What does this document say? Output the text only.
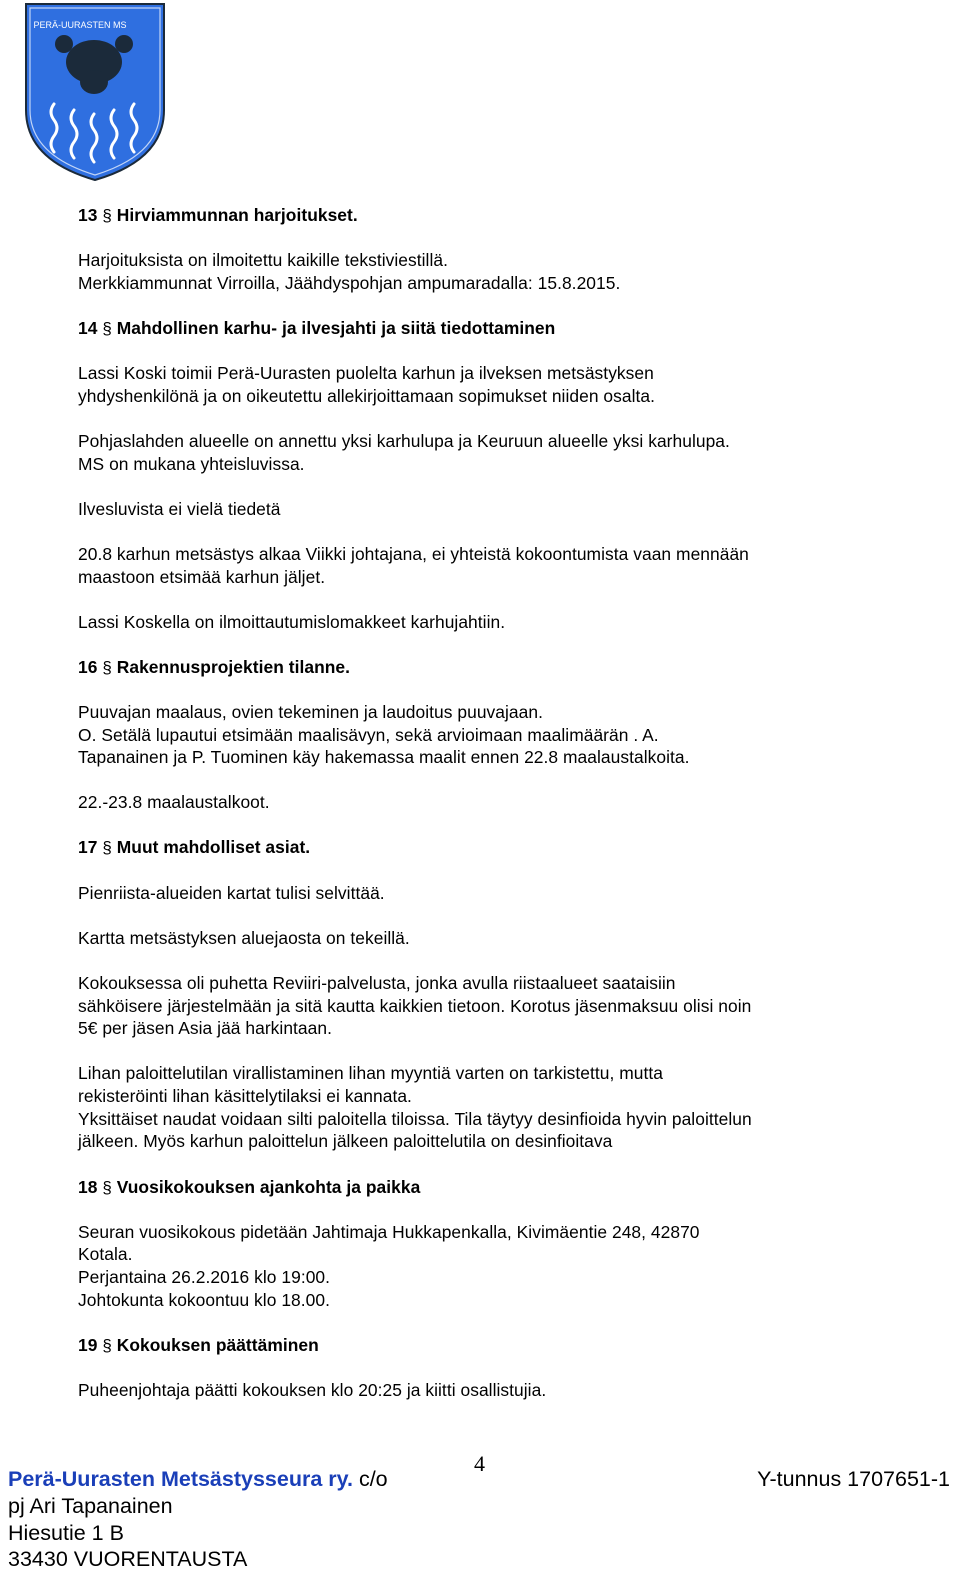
PERÄ-UURASTEN MS
13 § Hirviammunnan harjoitukset.
Harjoituksista on ilmoitettu kaikille tekstiviestillä.
Merkkiammunnat Virroilla, Jäähdyspohjan ampumaradalla: 15.8.2015.
14 § Mahdollinen karhu- ja ilvesjahti ja siitä tiedottaminen
Lassi Koski toimii Perä-Uurasten puolelta karhun ja ilveksen metsästyksen
yhdyshenkilönä ja on oikeutettu allekirjoittamaan sopimukset niiden osalta.
Pohjaslahden alueelle on annettu yksi karhulupa ja Keuruun alueelle yksi karhulupa.
MS on mukana yhteisluvissa.
Ilvesluvista ei vielä tiedetä
20.8 karhun metsästys alkaa Viikki johtajana, ei yhteistä kokoontumista vaan mennään
maastoon etsimää karhun jäljet.
Lassi Koskella on ilmoittautumislomakkeet karhujahtiin.
16 § Rakennusprojektien tilanne.
Puuvajan maalaus, ovien tekeminen ja laudoitus puuvajaan.
O. Setälä lupautui etsimään maalisävyn, sekä arvioimaan maalimäärän . A.
Tapanainen ja P. Tuominen käy hakemassa maalit ennen 22.8 maalaustalkoita.
22.-23.8 maalaustalkoot.
17 § Muut mahdolliset asiat.
Pienriista-alueiden kartat tulisi selvittää.
Kartta metsästyksen aluejaosta on tekeillä.
Kokouksessa oli puhetta Reviiri-palvelusta, jonka avulla riistaalueet saataisiin
sähköisere järjestelmään ja sitä kautta kaikkien tietoon. Korotus jäsenmaksuu olisi noin
5€ per jäsen Asia jää harkintaan.
Lihan paloittelutilan virallistaminen lihan myyntiä varten on tarkistettu, mutta
rekisteröinti lihan käsittelytilaksi ei kannata.
Yksittäiset naudat voidaan silti paloitella tiloissa. Tila täytyy desinfioida hyvin paloittelun
jälkeen. Myös karhun paloittelun jälkeen paloittelutila on desinfioitava
18 § Vuosikokouksen ajankohta ja paikka
Seuran vuosikokous pidetään Jahtimaja Hukkapenkalla, Kivimäentie 248, 42870
Kotala.
Perjantaina 26.2.2016 klo 19:00.
Johtokunta kokoontuu klo 18.00.
19 § Kokouksen päättäminen
Puheenjohtaja päätti kokouksen klo 20:25 ja kiitti osallistujia.
4
Perä-Uurasten Metsästysseura ry. c/o	Y-tunnus 1707651-1
pj Ari Tapanainen
Hiesutie 1 B
33430 VUORENTAUSTA
